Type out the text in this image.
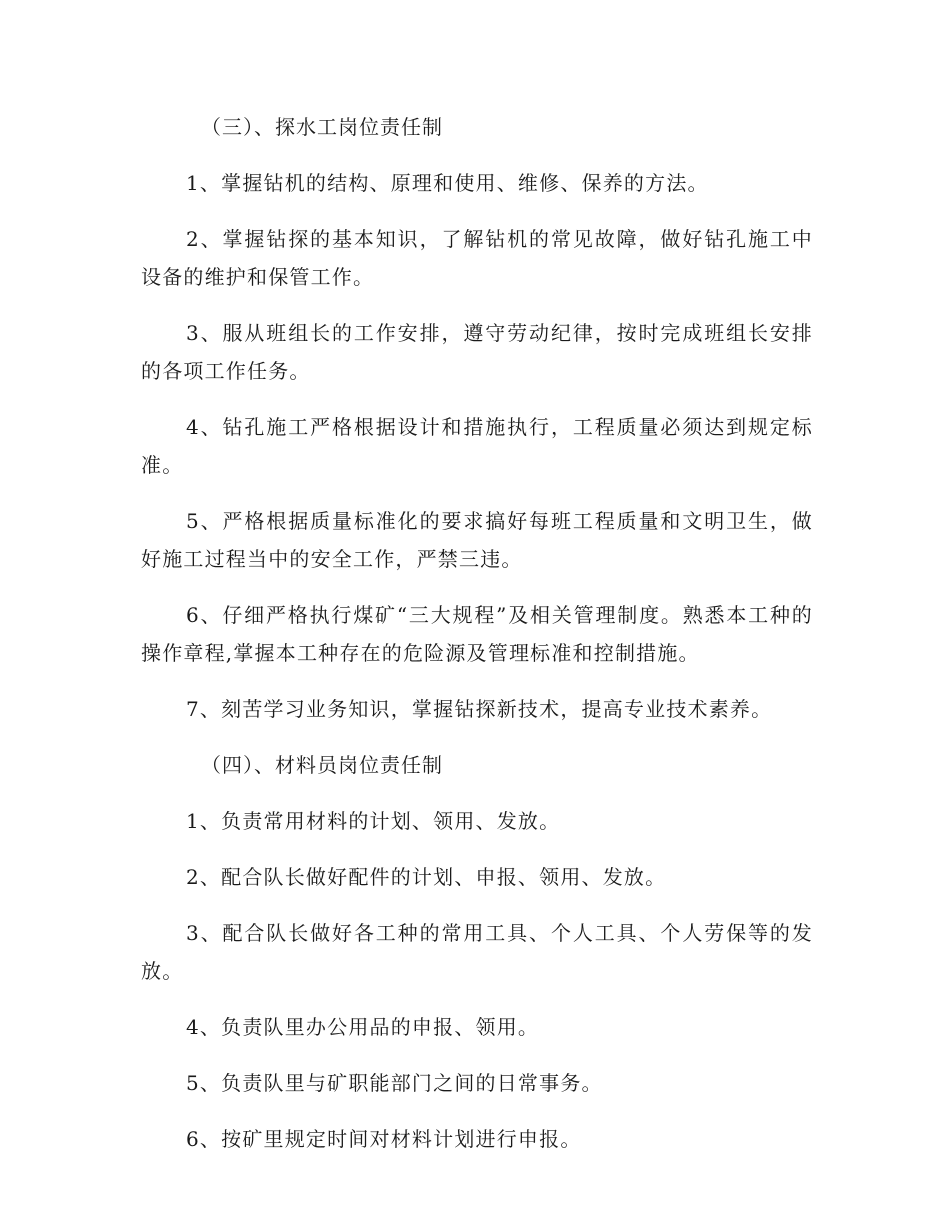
（三）、探水工岗位责任制

1、掌握钻机的结构、原理和使用、维修、保养的方法。

2、掌握钻探的基本知识，了解钻机的常见故障，做好钻孔施工中设备的维护和保管工作。

3、服从班组长的工作安排，遵守劳动纪律，按时完成班组长安排的各项工作任务。

4、钻孔施工严格根据设计和措施执行，工程质量必须达到规定标准。

5、严格根据质量标准化的要求搞好每班工程质量和文明卫生，做好施工过程当中的安全工作，严禁三违。

6、仔细严格执行煤矿“三大规程”及相关管理制度。熟悉本工种的操作章程,掌握本工种存在的危险源及管理标准和控制措施。

7、刻苦学习业务知识，掌握钻探新技术，提高专业技术素养。

（四）、材料员岗位责任制

1、负责常用材料的计划、领用、发放。

2、配合队长做好配件的计划、申报、领用、发放。

3、配合队长做好各工种的常用工具、个人工具、个人劳保等的发放。

4、负责队里办公用品的申报、领用。

5、负责队里与矿职能部门之间的日常事务。

6、按矿里规定时间对材料计划进行申报。
